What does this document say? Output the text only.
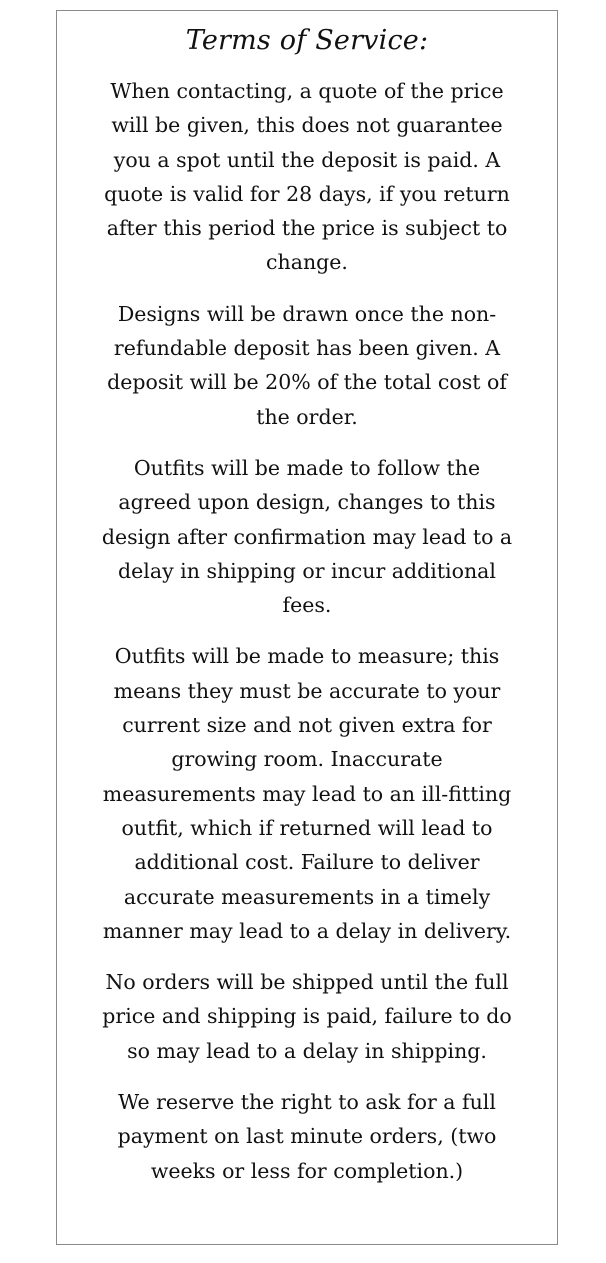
Terms of Service:

When contacting, a quote of the price
will be given, this does not guarantee
you a spot until the deposit is paid. A
quote is valid for 28 days, if you return
after this period the price is subject to
change.

Designs will be drawn once the non-
refundable deposit has been given. A
deposit will be 20% of the total cost of
the order.

Outfits will be made to follow the
agreed upon design, changes to this
design after confirmation may lead to a
delay in shipping or incur additional
fees.

Outfits will be made to measure; this
means they must be accurate to your
current size and not given extra for
growing room. Inaccurate
measurements may lead to an ill-fitting
outfit, which if returned will lead to
additional cost. Failure to deliver
accurate measurements in a timely
manner may lead to a delay in delivery.

No orders will be shipped until the full
price and shipping is paid, failure to do
so may lead to a delay in shipping.

We reserve the right to ask for a full
payment on last minute orders, (two
weeks or less for completion.)
